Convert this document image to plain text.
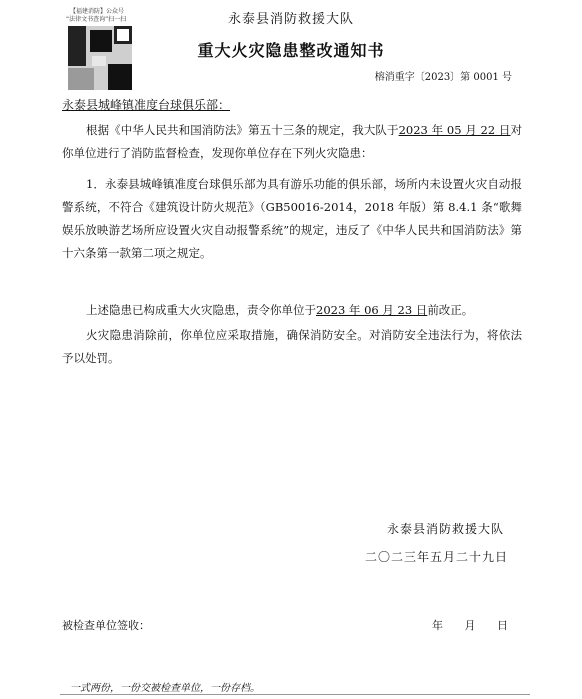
【福建消防】公众号
“法律文书查询”扫一扫	永泰县消防救援大队
重大火灾隐患整改通知书
榕消重字〔2023〕第 0001 号
永泰县城峰镇准度台球俱乐部：
根据《中华人民共和国消防法》第五十三条的规定，我大队于2023 年 05 月 22 日对你单位进行了消防监督检查，发现你单位存在下列火灾隐患：
1．永泰县城峰镇准度台球俱乐部为具有游乐功能的俱乐部，场所内未设置火灾自动报警系统，不符合《建筑设计防火规范》（GB50016-2014，2018 年版）第 8.4.1 条“歌舞娱乐放映游艺场所应设置火灾自动报警系统”的规定，违反了《中华人民共和国消防法》第十六条第一款第二项之规定。
上述隐患已构成重大火灾隐患，责令你单位于2023 年 06 月 23 日前改正。
火灾隐患消除前，你单位应采取措施，确保消防安全。对消防安全违法行为，将依法予以处罚。
永泰县消防救援大队
二〇二三年五月二十九日
被检查单位签收：	年 月 日
一式两份，一份交被检查单位，一份存档。
